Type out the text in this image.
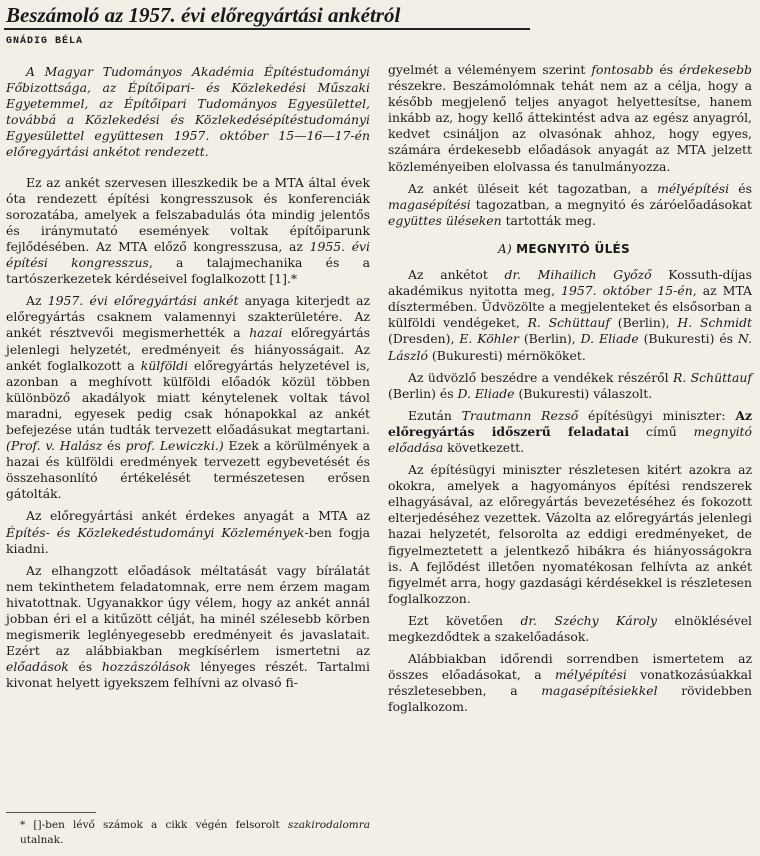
Beszámoló az 1957. évi előregyártási ankétról

GNÁDIG BÉLA

A Magyar Tudományos Akadémia Építéstudományi Főbizottsága, az Építőipari- és Közlekedési Műszaki Egyetemmel, az Építőipari Tudományos Egyesülettel, továbbá a Közlekedési és Közlekedésépítéstudományi Egyesülettel együttesen 1957. október 15—16—17-én előregyártási ankétot rendezett.

Ez az ankét szervesen illeszkedik be a MTA által évek óta rendezett építési kongresszusok és konferenciák sorozatába, amelyek a felszabadulás óta mindig jelentős és iránymutató események voltak építőiparunk fejlődésében. Az MTA előző kongresszusa, az 1955. évi építési kongresszus, a talajmechanika és a tartószerkezetek kérdéseivel foglalkozott [1].*

Az 1957. évi előregyártási ankét anyaga kiterjedt az előregyártás csaknem valamennyi szakterületére. Az ankét résztvevői megismerhették a hazai előregyártás jelenlegi helyzetét, eredményeit és hiányosságait. Az ankét foglalkozott a külföldi előregyártás helyzetével is, azonban a meghívott külföldi előadók közül többen különböző akadályok miatt kénytelenek voltak távol maradni, egyesek pedig csak hónapokkal az ankét befejezése után tudták tervezett előadásukat megtartani. (Prof. v. Halász és prof. Lewiczki.) Ezek a körülmények a hazai és külföldi eredmények tervezett egybevetését és összehasonlító értékelését természetesen erősen gátolták.

Az előregyártási ankét érdekes anyagát a MTA az Építés- és Közlekedéstudományi Közlemények-ben fogja kiadni.

Az elhangzott előadások méltatását vagy bírálatát nem tekinthetem feladatomnak, erre nem érzem magam hivatottnak. Ugyanakkor úgy vélem, hogy az ankét annál jobban éri el a kitűzött célját, ha minél szélesebb körben megismerik leglényegesebb eredményeit és javaslatait. Ezért az alábbiakban megkísérlem ismertetni az előadások és hozzászólások lényeges részét. Tartalmi kivonat helyett igyekszem felhívni az olvasó fi-

* []-ben lévő számok a cikk végén felsorolt szakirodalomra utalnak.

gyelmét a véleményem szerint fontosabb és érdekesebb részekre. Beszámolómnak tehát nem az a célja, hogy a később megjelenő teljes anyagot helyettesítse, hanem inkább az, hogy kellő áttekintést adva az egész anyagról, kedvet csináljon az olvasónak ahhoz, hogy egyes, számára érdekesebb előadások anyagát az MTA jelzett közleményeiben elolvassa és tanulmányozza.

Az ankét üléseit két tagozatban, a mélyépítési és magasépítési tagozatban, a megnyitó és záróelőadásokat együttes üléseken tartották meg.

A) MEGNYITÓ ÜLÉS

Az ankétot dr. Mihailich Győző Kossuth-díjas akadémikus nyitotta meg, 1957. október 15-én, az MTA dísztermében. Üdvözölte a megjelenteket és elsősorban a külföldi vendégeket, R. Schüttauf (Berlin), H. Schmidt (Dresden), E. Köhler (Berlin), D. Eliade (Bukuresti) és N. László (Bukuresti) mérnököket.

Az üdvözlő beszédre a vendékek részéről R. Schüttauf (Berlin) és D. Eliade (Bukuresti) válaszolt.

Ezután Trautmann Rezső építésügyi miniszter: Az előregyártás időszerű feladatai című megnyitó előadása következett.

Az építésügyi miniszter részletesen kitért azokra az okokra, amelyek a hagyományos építési rendszerek elhagyásával, az előregyártás bevezetéséhez és fokozott elterjedéséhez vezettek. Vázolta az előregyártás jelenlegi hazai helyzetét, felsorolta az eddigi eredményeket, de figyelmeztetett a jelentkező hibákra és hiányosságokra is. A fejlődést illetően nyomatékosan felhívta az ankét figyelmét arra, hogy gazdasági kérdésekkel is részletesen foglalkozzon.

Ezt követően dr. Széchy Károly elnöklésével megkezdődtek a szakelőadások.

Alábbiakban időrendi sorrendben ismertetem az összes előadásokat, a mélyépítési vonatkozásúakkal részletesebben, a magasépítésiekkel rövidebben foglalkozom.
